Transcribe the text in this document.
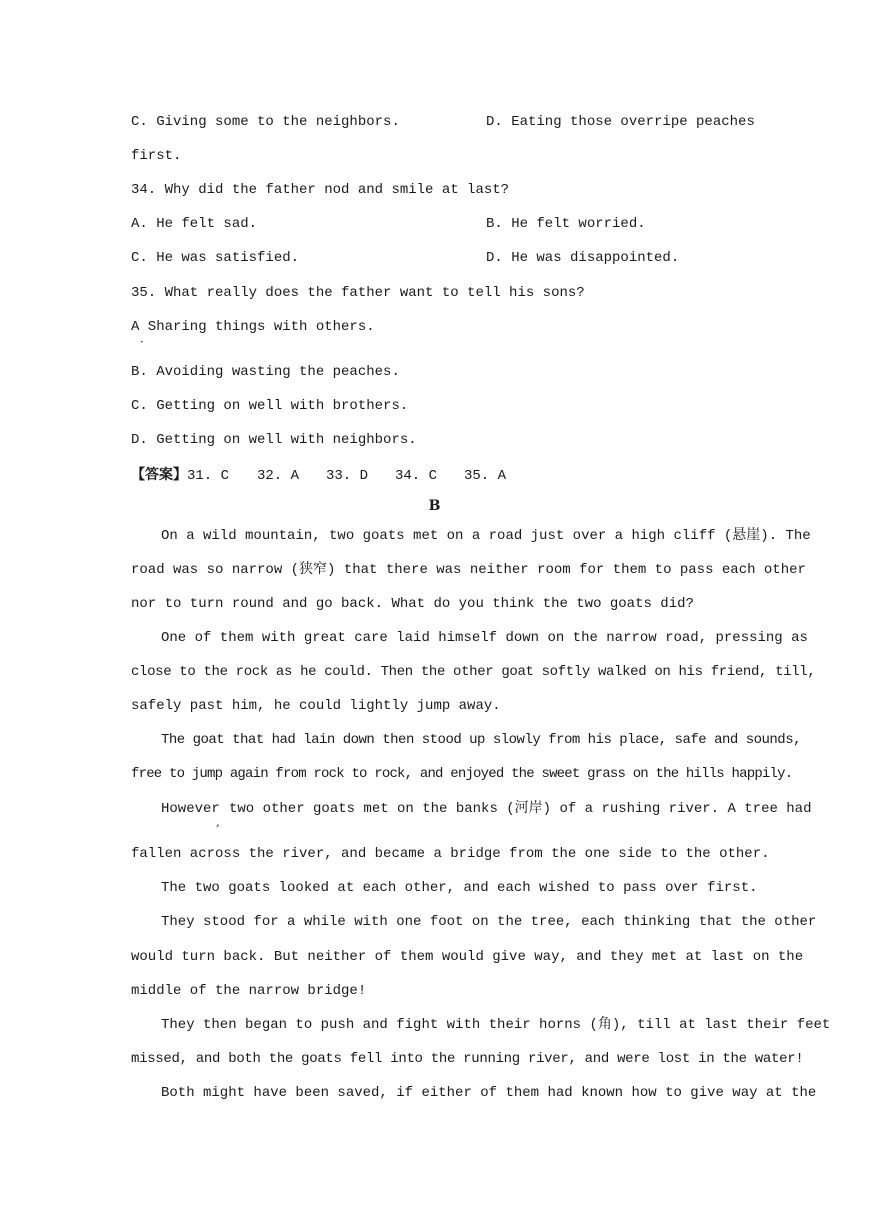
C. Giving some to the neighbors.	D. Eating those overripe peaches
first.
34. Why did the father nod and smile at last?
A. He felt sad.	B. He felt worried.
C. He was satisfied.	D. He was disappointed.
35. What really does the father want to tell his sons?
A Sharing things with others.
·
B. Avoiding wasting the peaches.
C. Getting on well with brothers.
D. Getting on well with neighbors.
【答案】31. C 32. A 33. D 34. C 35. A
B
On a wild mountain, two goats met on a road just over a high cliff (悬崖). The
road was so narrow (狭窄) that there was neither room for them to pass each other
nor to turn round and go back. What do you think the two goats did?
One of them with great care laid himself down on the narrow road, pressing as
close to the rock as he could. Then the other goat softly walked on his friend, till,
safely past him, he could lightly jump away.
The goat that had lain down then stood up slowly from his place, safe and sounds,
free to jump again from rock to rock, and enjoyed the sweet grass on the hills happily.
However
,
two other goats met on the banks (河岸) of a rushing river. A tree had
fallen across the river, and became a bridge from the one side to the other.
The two goats looked at each other, and each wished to pass over first.
They stood for a while with one foot on the tree, each thinking that the other
would turn back. But neither of them would give way, and they met at last on the
middle of the narrow bridge!
They then began to push and fight with their horns (角), till at last their feet
missed, and both the goats fell into the running river, and were lost in the water!
Both might have been saved, if either of them had known how to give way at the
